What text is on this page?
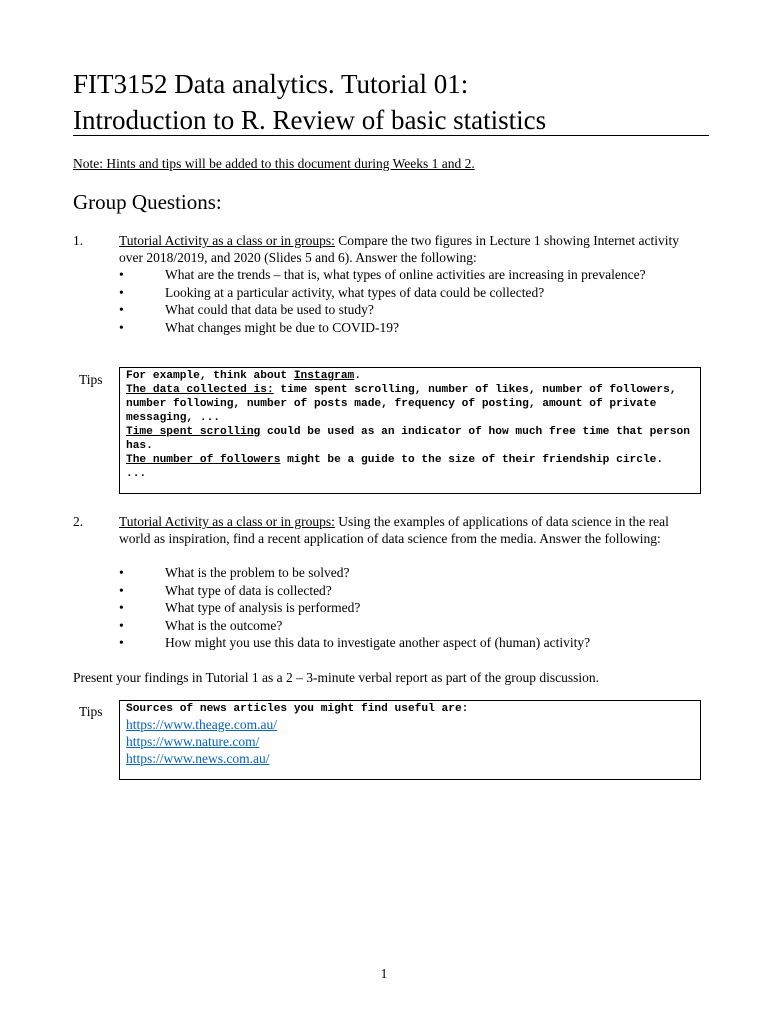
FIT3152 Data analytics. Tutorial 01:
Introduction to R. Review of basic statistics
Note: Hints and tips will be added to this document during Weeks 1 and 2.
Group Questions:
1.	Tutorial Activity as a class or in groups: Compare the two figures in Lecture 1 showing Internet activity over 2018/2019, and 2020 (Slides 5 and 6). Answer the following:
•	What are the trends – that is, what types of online activities are increasing in prevalence?
•	Looking at a particular activity, what types of data could be collected?
•	What could that data be used to study?
•	What changes might be due to COVID-19?
Tips For example, think about Instagram.
The data collected is: time spent scrolling, number of likes, number of followers, number following, number of posts made, frequency of posting, amount of private messaging, ...
Time spent scrolling could be used as an indicator of how much free time that person has.
The number of followers might be a guide to the size of their friendship circle.
...
2.	Tutorial Activity as a class or in groups: Using the examples of applications of data science in the real world as inspiration, find a recent application of data science from the media. Answer the following:
•	What is the problem to be solved?
•	What type of data is collected?
•	What type of analysis is performed?
•	What is the outcome?
•	How might you use this data to investigate another aspect of (human) activity?
Present your findings in Tutorial 1 as a 2 – 3-minute verbal report as part of the group discussion.
Tips Sources of news articles you might find useful are:
https://www.theage.com.au/
https://www.nature.com/
https://www.news.com.au/
1
